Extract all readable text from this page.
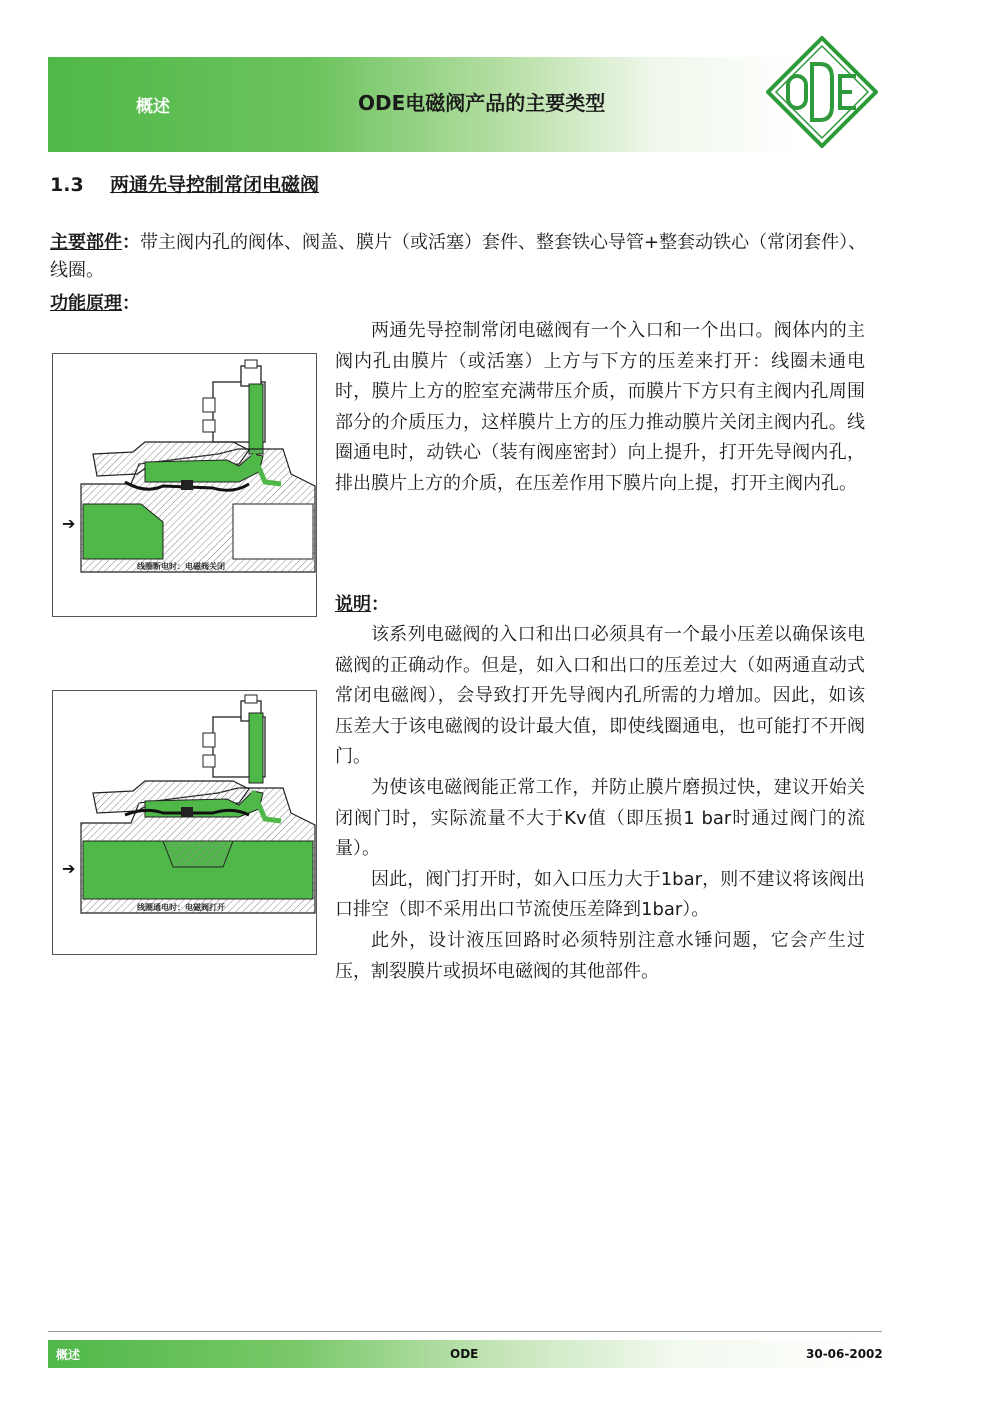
概述	ODE电磁阀产品的主要类型
1.3 两通先导控制常闭电磁阀
主要部件：带主阀内孔的阀体、阀盖、膜片（或活塞）套件、整套铁心导管+整套动铁心（常闭套件）、线圈。
功能原理：

两通先导控制常闭电磁阀有一个入口和一个出口。阀体内的主阀内孔由膜片（或活塞）上方与下方的压差来打开：线圈未通电时，膜片上方的腔室充满带压介质，而膜片下方只有主阀内孔周围部分的介质压力，这样膜片上方的压力推动膜片关闭主阀内孔。线圈通电时，动铁心（装有阀座密封）向上提升，打开先导阀内孔，排出膜片上方的介质，在压差作用下膜片向上提，打开主阀内孔。

说明：

该系列电磁阀的入口和出口必须具有一个最小压差以确保该电磁阀的正确动作。但是，如入口和出口的压差过大（如两通直动式常闭电磁阀），会导致打开先导阀内孔所需的力增加。因此，如该压差大于该电磁阀的设计最大值，即使线圈通电，也可能打不开阀门。

为使该电磁阀能正常工作，并防止膜片磨损过快，建议开始关闭阀门时，实际流量不大于Kv值（即压损1 bar时通过阀门的流量）。

因此，阀门打开时，如入口压力大于1bar，则不建议将该阀出口排空（即不采用出口节流使压差降到1bar）。

此外，设计液压回路时必须特别注意水锤问题，它会产生过压，割裂膜片或损坏电磁阀的其他部件。

➔
线圈断电时：电磁阀关闭
➔
线圈通电时：电磁阀打开
概述	ODE	30-06-2002
